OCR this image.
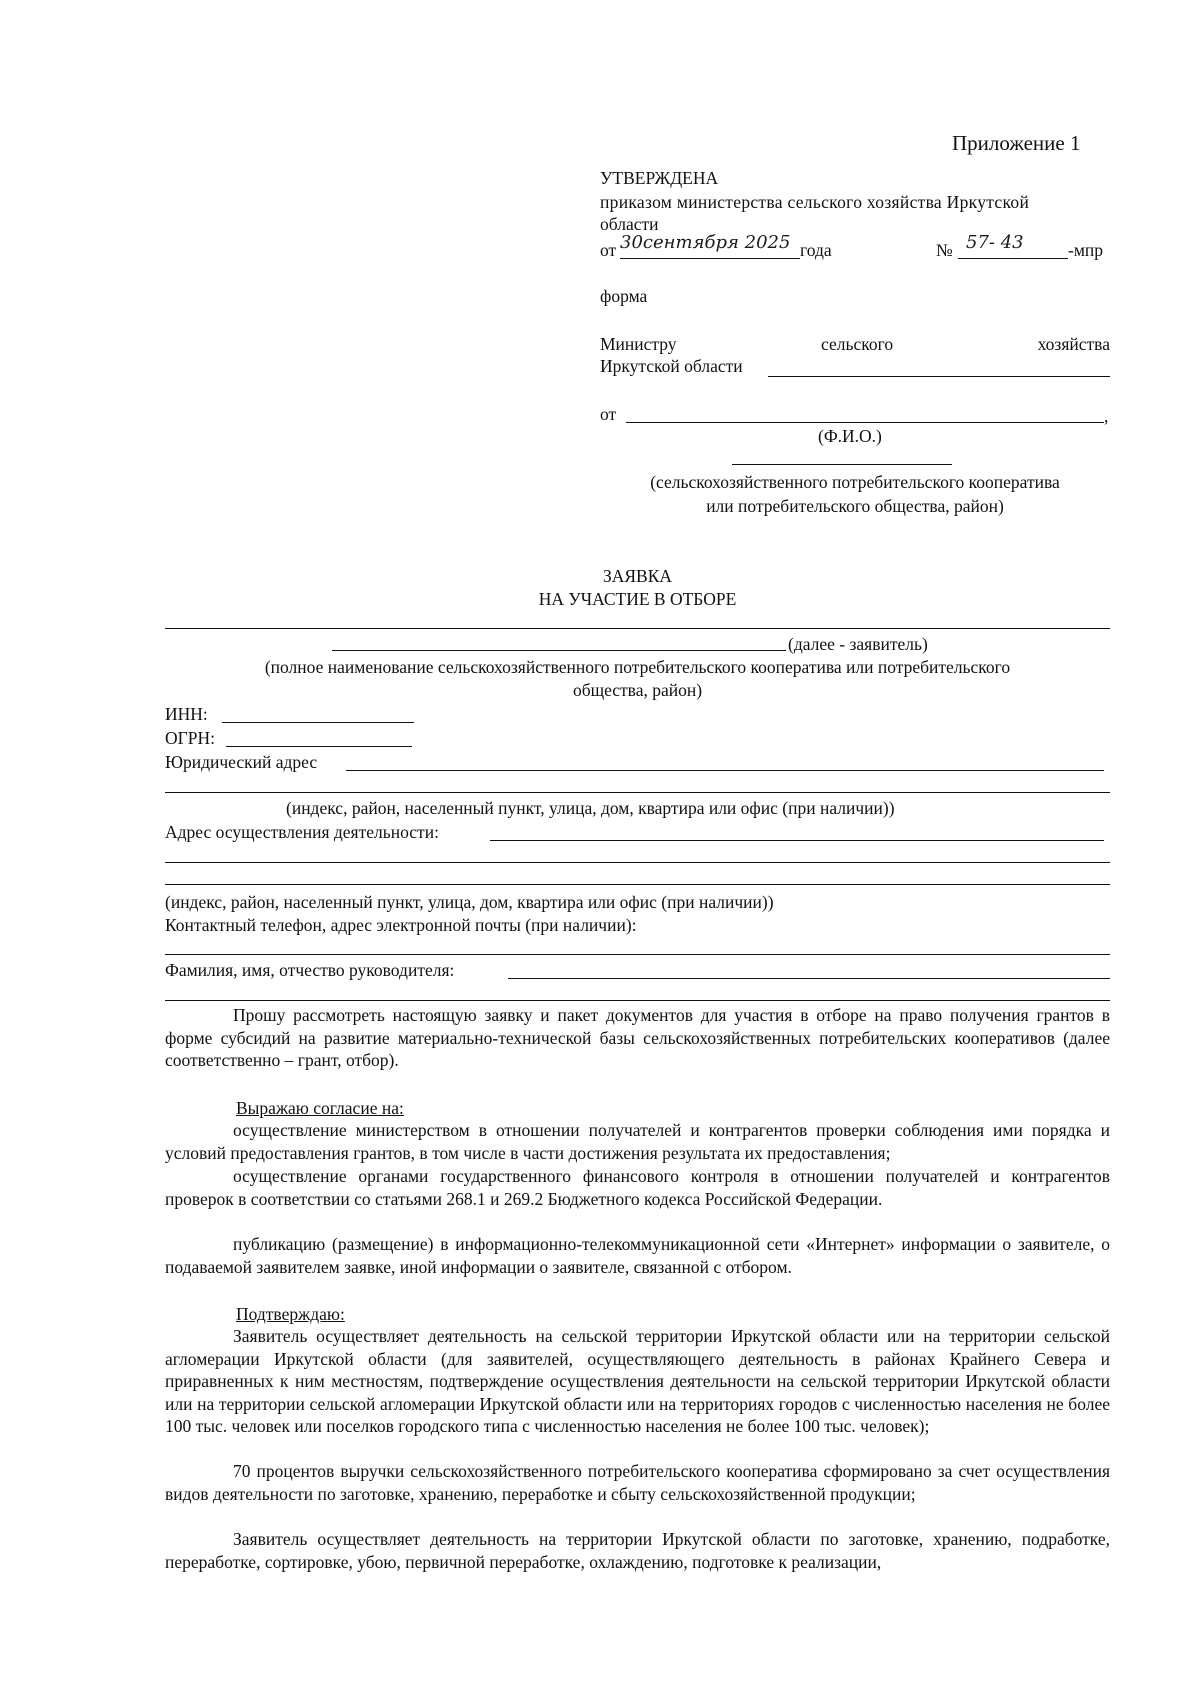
Приложение 1
УТВЕРЖДЕНА
приказом министерства сельского хозяйства Иркутской
области
от 30сентября 2025 года	№ 57- 43	-мпр
форма
Министру	сельского	хозяйства
Иркутской области
от	,
(Ф.И.О.)
(сельскохозяйственного потребительского кооператива
или потребительского общества, район)
ЗАЯВКА
НА УЧАСТИЕ В ОТБОРЕ
(далее - заявитель)
(полное наименование сельскохозяйственного потребительского кооператива или потребительского
общества, район)
ИНН:
ОГРН:
Юридический адрес
(индекс, район, населенный пункт, улица, дом, квартира или офис (при наличии))
Адрес осуществления деятельности:
(индекс, район, населенный пункт, улица, дом, квартира или офис (при наличии))
Контактный телефон, адрес электронной почты (при наличии):
Фамилия, имя, отчество руководителя:
Прошу рассмотреть настоящую заявку и пакет документов для участия в отборе на право получения грантов в форме субсидий на развитие материально-технической базы сельскохозяйственных потребительских кооперативов (далее соответственно – грант, отбор).
Выражаю согласие на:
осуществление министерством в отношении получателей и контрагентов проверки соблюдения ими порядка и условий предоставления грантов, в том числе в части достижения результата их предоставления;
осуществление органами государственного финансового контроля в отношении получателей и контрагентов проверок в соответствии со статьями 268.1 и 269.2 Бюджетного кодекса Российской Федерации.
публикацию (размещение) в информационно-телекоммуникационной сети «Интернет» информации о заявителе, о подаваемой заявителем заявке, иной информации о заявителе, связанной с отбором.
Подтверждаю:
Заявитель осуществляет деятельность на сельской территории Иркутской области или на территории сельской агломерации Иркутской области (для заявителей, осуществляющего деятельность в районах Крайнего Севера и приравненных к ним местностям, подтверждение осуществления деятельности на сельской территории Иркутской области или на территории сельской агломерации Иркутской области или на территориях городов с численностью населения не более 100 тыс. человек или поселков городского типа с численностью населения не более 100 тыс. человек);
70 процентов выручки сельскохозяйственного потребительского кооператива сформировано за счет осуществления видов деятельности по заготовке, хранению, переработке и сбыту сельскохозяйственной продукции;
Заявитель осуществляет деятельность на территории Иркутской области по заготовке, хранению, подработке, переработке, сортировке, убою, первичной переработке, охлаждению, подготовке к реализации,
